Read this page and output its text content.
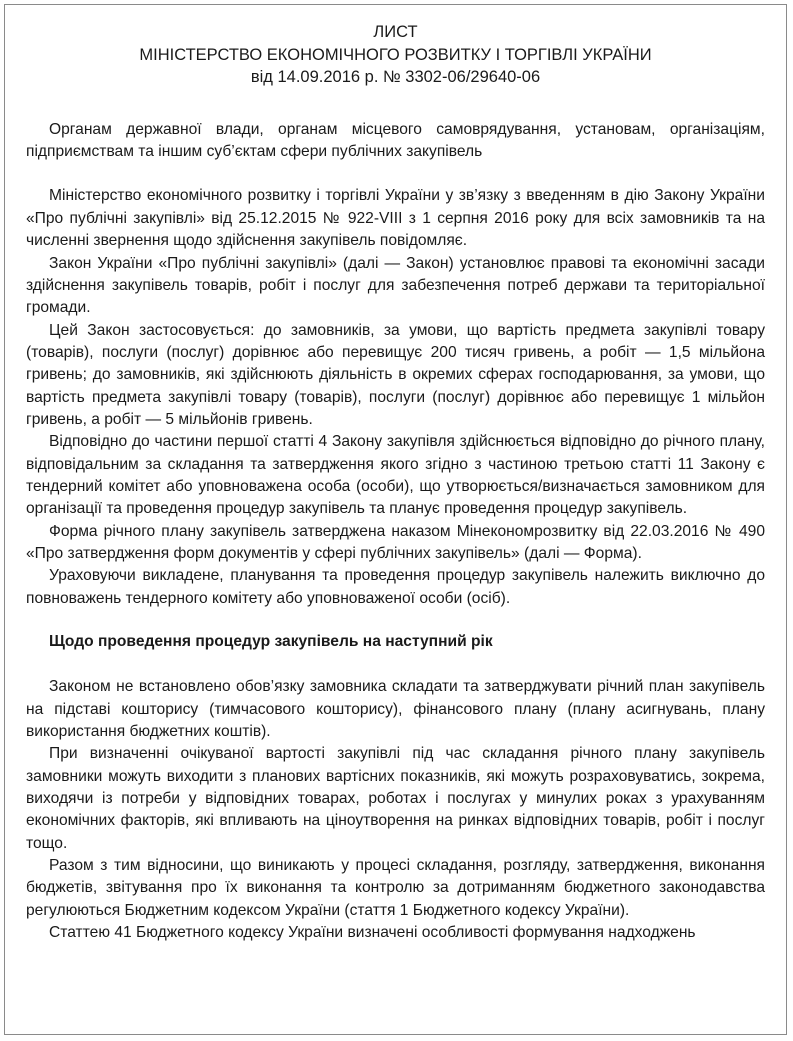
ЛИСТ
МІНІСТЕРСТВО ЕКОНОМІЧНОГО РОЗВИТКУ І ТОРГІВЛІ УКРАЇНИ
від 14.09.2016 р. № 3302-06/29640-06

Органам державної влади, органам місцевого самоврядування, установам, організаціям, підприємствам та іншим суб’єктам сфери публічних закупівель

Міністерство економічного розвитку і торгівлі України у зв’язку з введенням в дію Закону України «Про публічні закупівлі» від 25.12.2015 № 922-VIII з 1 серпня 2016 року для всіх замовників та на численні звернення щодо здійснення закупівель повідомляє.

Закон України «Про публічні закупівлі» (далі — Закон) установлює правові та економічні засади здійснення закупівель товарів, робіт і послуг для забезпечення потреб держави та територіальної громади.

Цей Закон застосовується: до замовників, за умови, що вартість предмета закупівлі товару (товарів), послуги (послуг) дорівнює або перевищує 200 тисяч гривень, а робіт — 1,5 мільйона гривень; до замовників, які здійснюють діяльність в окремих сферах господарювання, за умови, що вартість предмета закупівлі товару (товарів), послуги (послуг) дорівнює або перевищує 1 мільйон гривень, а робіт — 5 мільйонів гривень.

Відповідно до частини першої статті 4 Закону закупівля здійснюється відповідно до річного плану, відповідальним за складання та затвердження якого згідно з частиною третьою статті 11 Закону є тендерний комітет або уповноважена особа (особи), що утворюється/визначається замовником для організації та проведення процедур закупівель та планує проведення процедур закупівель.

Форма річного плану закупівель затверджена наказом Мінекономрозвитку від 22.03.2016 № 490 «Про затвердження форм документів у сфері публічних закупівель» (далі — Форма).

Ураховуючи викладене, планування та проведення процедур закупівель належить виключно до повноважень тендерного комітету або уповноваженої особи (осіб).

Щодо проведення процедур закупівель на наступний рік

Законом не встановлено обов’язку замовника складати та затверджувати річний план закупівель на підставі кошторису (тимчасового кошторису), фінансового плану (плану асигнувань, плану використання бюджетних коштів).

При визначенні очікуваної вартості закупівлі під час складання річного плану закупівель замовники можуть виходити з планових вартісних показників, які можуть розраховуватись, зокрема, виходячи із потреби у відповідних товарах, роботах і послугах у минулих роках з урахуванням економічних факторів, які впливають на ціноутворення на ринках відповідних товарів, робіт і послуг тощо.

Разом з тим відносини, що виникають у процесі складання, розгляду, затвердження, виконання бюджетів, звітування про їх виконання та контролю за дотриманням бюджетного законодавства регулюються Бюджетним кодексом України (стаття 1 Бюджетного кодексу України).

Статтею 41 Бюджетного кодексу України визначені особливості формування надходжень
